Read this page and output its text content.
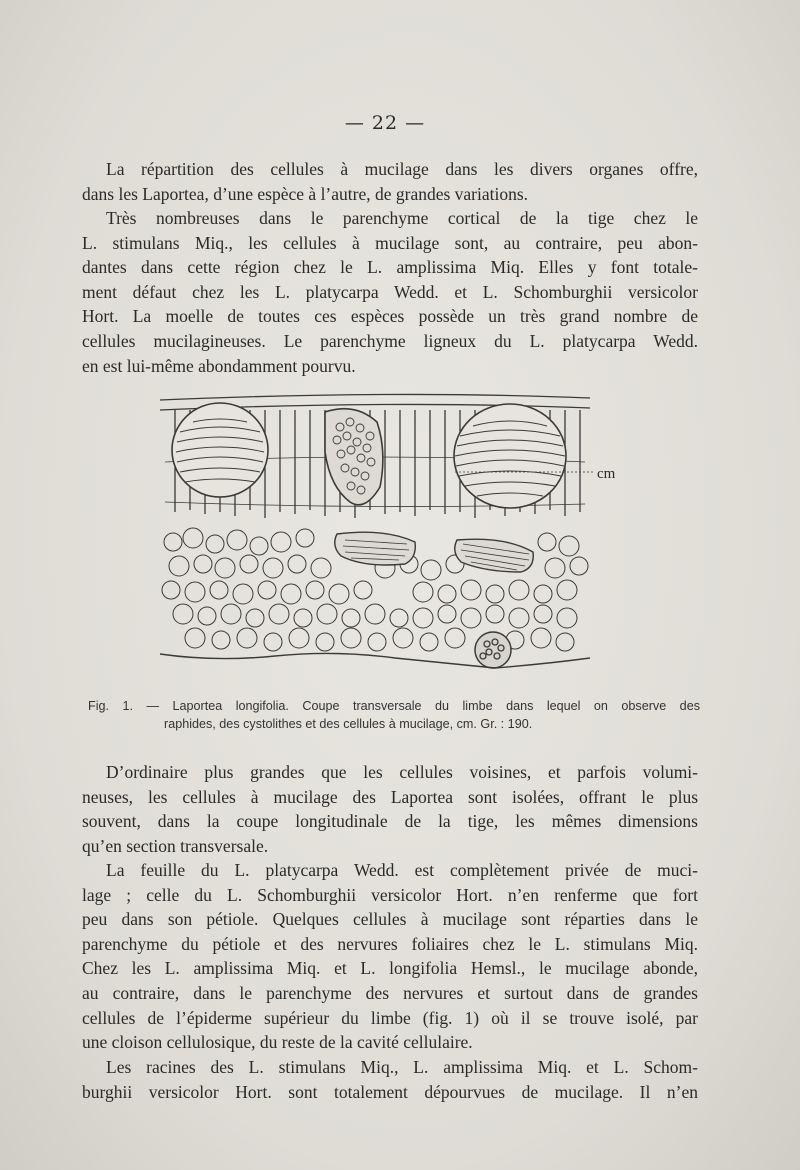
— 22 —
La répartition des cellules à mucilage dans les divers organes offre,
dans les Laportea, d’une espèce à l’autre, de grandes variations.
Très nombreuses dans le parenchyme cortical de la tige chez le
L. stimulans Miq., les cellules à mucilage sont, au contraire, peu abon-
dantes dans cette région chez le L. amplissima Miq. Elles y font totale-
ment défaut chez les L. platycarpa Wedd. et L. Schomburghii versicolor
Hort. La moelle de toutes ces espèces possède un très grand nombre de
cellules mucilagineuses. Le parenchyme ligneux du L. platycarpa Wedd.
en est lui-même abondamment pourvu.
cm
Fig. 1. — Laportea longifolia. Coupe transversale du limbe dans lequel on observe des
raphides, des cystolithes et des cellules à mucilage, cm. Gr. : 190.
D’ordinaire plus grandes que les cellules voisines, et parfois volumi-
neuses, les cellules à mucilage des Laportea sont isolées, offrant le plus
souvent, dans la coupe longitudinale de la tige, les mêmes dimensions
qu’en section transversale.
La feuille du L. platycarpa Wedd. est complètement privée de muci-
lage ; celle du L. Schomburghii versicolor Hort. n’en renferme que fort
peu dans son pétiole. Quelques cellules à mucilage sont réparties dans le
parenchyme du pétiole et des nervures foliaires chez le L. stimulans Miq.
Chez les L. amplissima Miq. et L. longifolia Hemsl., le mucilage abonde,
au contraire, dans le parenchyme des nervures et surtout dans de grandes
cellules de l’épiderme supérieur du limbe (fig. 1) où il se trouve isolé, par
une cloison cellulosique, du reste de la cavité cellulaire.
Les racines des L. stimulans Miq., L. amplissima Miq. et L. Schom-
burghii versicolor Hort. sont totalement dépourvues de mucilage. Il n’en
